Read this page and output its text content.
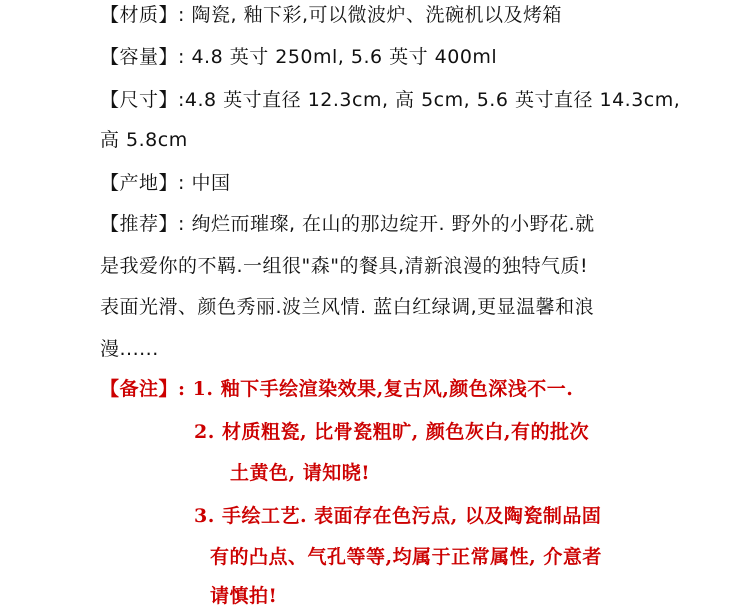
【材质】: 陶瓷, 釉下彩,可以微波炉、洗碗机以及烤箱
【容量】: 4.8 英寸 250ml, 5.6 英寸 400ml
【尺寸】:4.8 英寸直径 12.3cm, 高 5cm, 5.6 英寸直径 14.3cm,
高 5.8cm
【产地】: 中国
【推荐】: 绚烂而璀璨, 在山的那边绽开. 野外的小野花.就
是我爱你的不羁.一组很"森"的餐具,清新浪漫的独特气质!
表面光滑、颜色秀丽.波兰风情. 蓝白红绿调,更显温馨和浪
漫......
【备注】: 1. 釉下手绘渲染效果,复古风,颜色深浅不一.
2. 材质粗瓷, 比骨瓷粗旷, 颜色灰白,有的批次
土黄色, 请知晓!
3. 手绘工艺. 表面存在色污点, 以及陶瓷制品固
有的凸点、气孔等等,均属于正常属性, 介意者
请慎拍!
